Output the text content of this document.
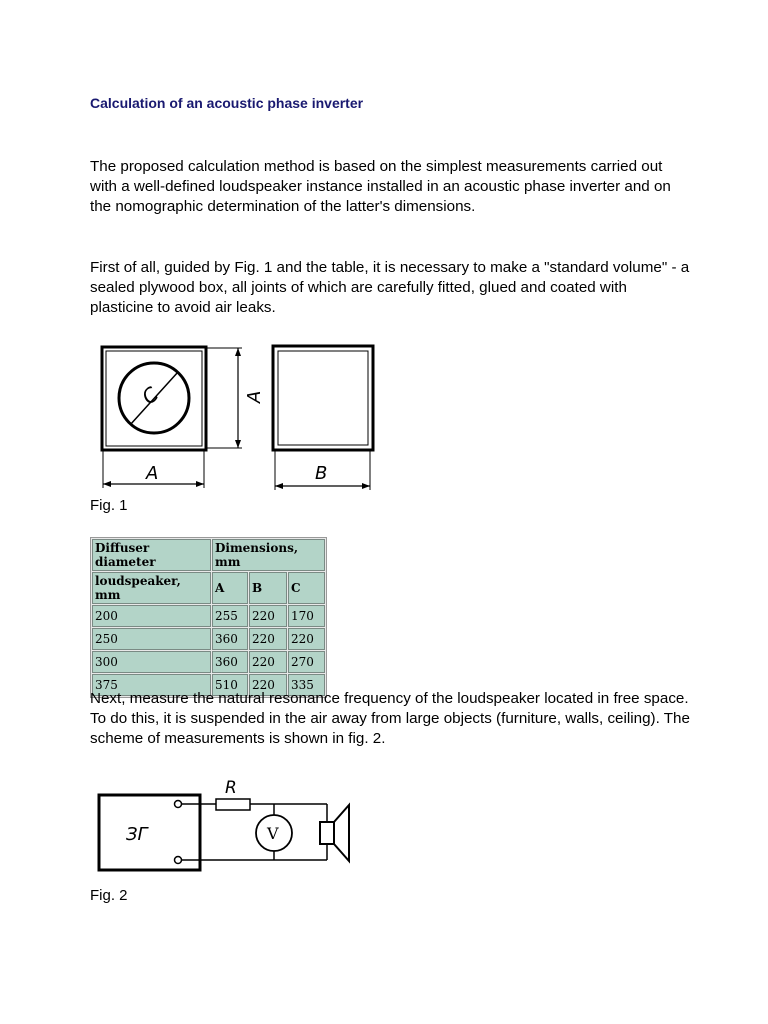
Calculation of an acoustic phase inverter

The proposed calculation method is based on the simplest measurements carried out with a well-defined loudspeaker instance installed in an acoustic phase inverter and on the nomographic determination of the latter's dimensions.

First of all, guided by Fig. 1 and the table, it is necessary to make a "standard volume" - a sealed plywood box, all joints of which are carefully fitted, glued and coated with plasticine to avoid air leaks.

C	A
A	B
Fig. 1
Diffuser diameter	Dimensions, mm		
loudspeaker, mm	A	B	C
200	255	220	170
250	360	220	220
300	360	220	270
375	510	220	335

Next, measure the natural resonance frequency of the loudspeaker located in free space. To do this, it is suspended in the air away from large objects (furniture, walls, ceiling). The scheme of measurements is shown in fig. 2.

ЗГ
R
V
Fig. 2
